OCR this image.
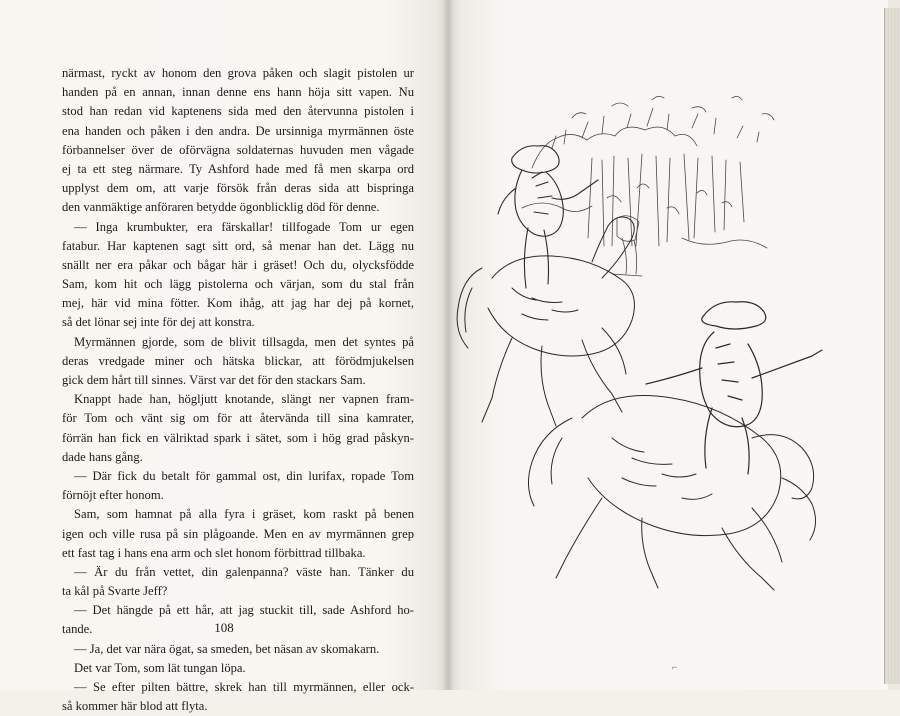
närmast, ryckt av honom den grova påken och slagit pistolen ur
handen på en annan, innan denne ens hann höja sitt vapen. Nu
stod han redan vid kaptenens sida med den återvunna pistolen i
ena handen och påken i den andra. De ursinniga myrmännen öste
förbannelser över de oförvägna soldaternas huvuden men vågade
ej ta ett steg närmare. Ty Ashford hade med få men skarpa ord
upplyst dem om, att varje försök från deras sida att bispringa
den vanmäktige anföraren betydde ögonblicklig död för denne.
— Inga krumbukter, era färskallar! tillfogade Tom ur egen
fatabur. Har kaptenen sagt sitt ord, så menar han det. Lägg nu
snällt ner era påkar och bågar här i gräset! Och du, olycksfödde
Sam, kom hit och lägg pistolerna och värjan, som du stal från
mej, här vid mina fötter. Kom ihåg, att jag har dej på kornet,
så det lönar sej inte för dej att konstra.
Myrmännen gjorde, som de blivit tillsagda, men det syntes på
deras vredgade miner och hätska blickar, att förödmjukelsen
gick dem hårt till sinnes. Värst var det för den stackars Sam.
Knappt hade han, högljutt knotande, slängt ner vapnen fram-
för Tom och vänt sig om för att återvända till sina kamrater,
förrän han fick en välriktad spark i sätet, som i hög grad påskyn-
dade hans gång.
— Där fick du betalt för gammal ost, din lurifax, ropade Tom
förnöjt efter honom.
Sam, som hamnat på alla fyra i gräset, kom raskt på benen
igen och ville rusa på sin plågoande. Men en av myrmännen grep
ett fast tag i hans ena arm och slet honom förbittrad tillbaka.
— Är du från vettet, din galenpanna? väste han. Tänker du
ta kål på Svarte Jeff?
— Det hängde på ett hår, att jag stuckit till, sade Ashford ho-
tande.
— Ja, det var nära ögat, sa smeden, bet näsan av skomakarn.
Det var Tom, som lät tungan löpa.
— Se efter pilten bättre, skrek han till myrmännen, eller ock-
så kommer här blod att flyta.
108
⌐
